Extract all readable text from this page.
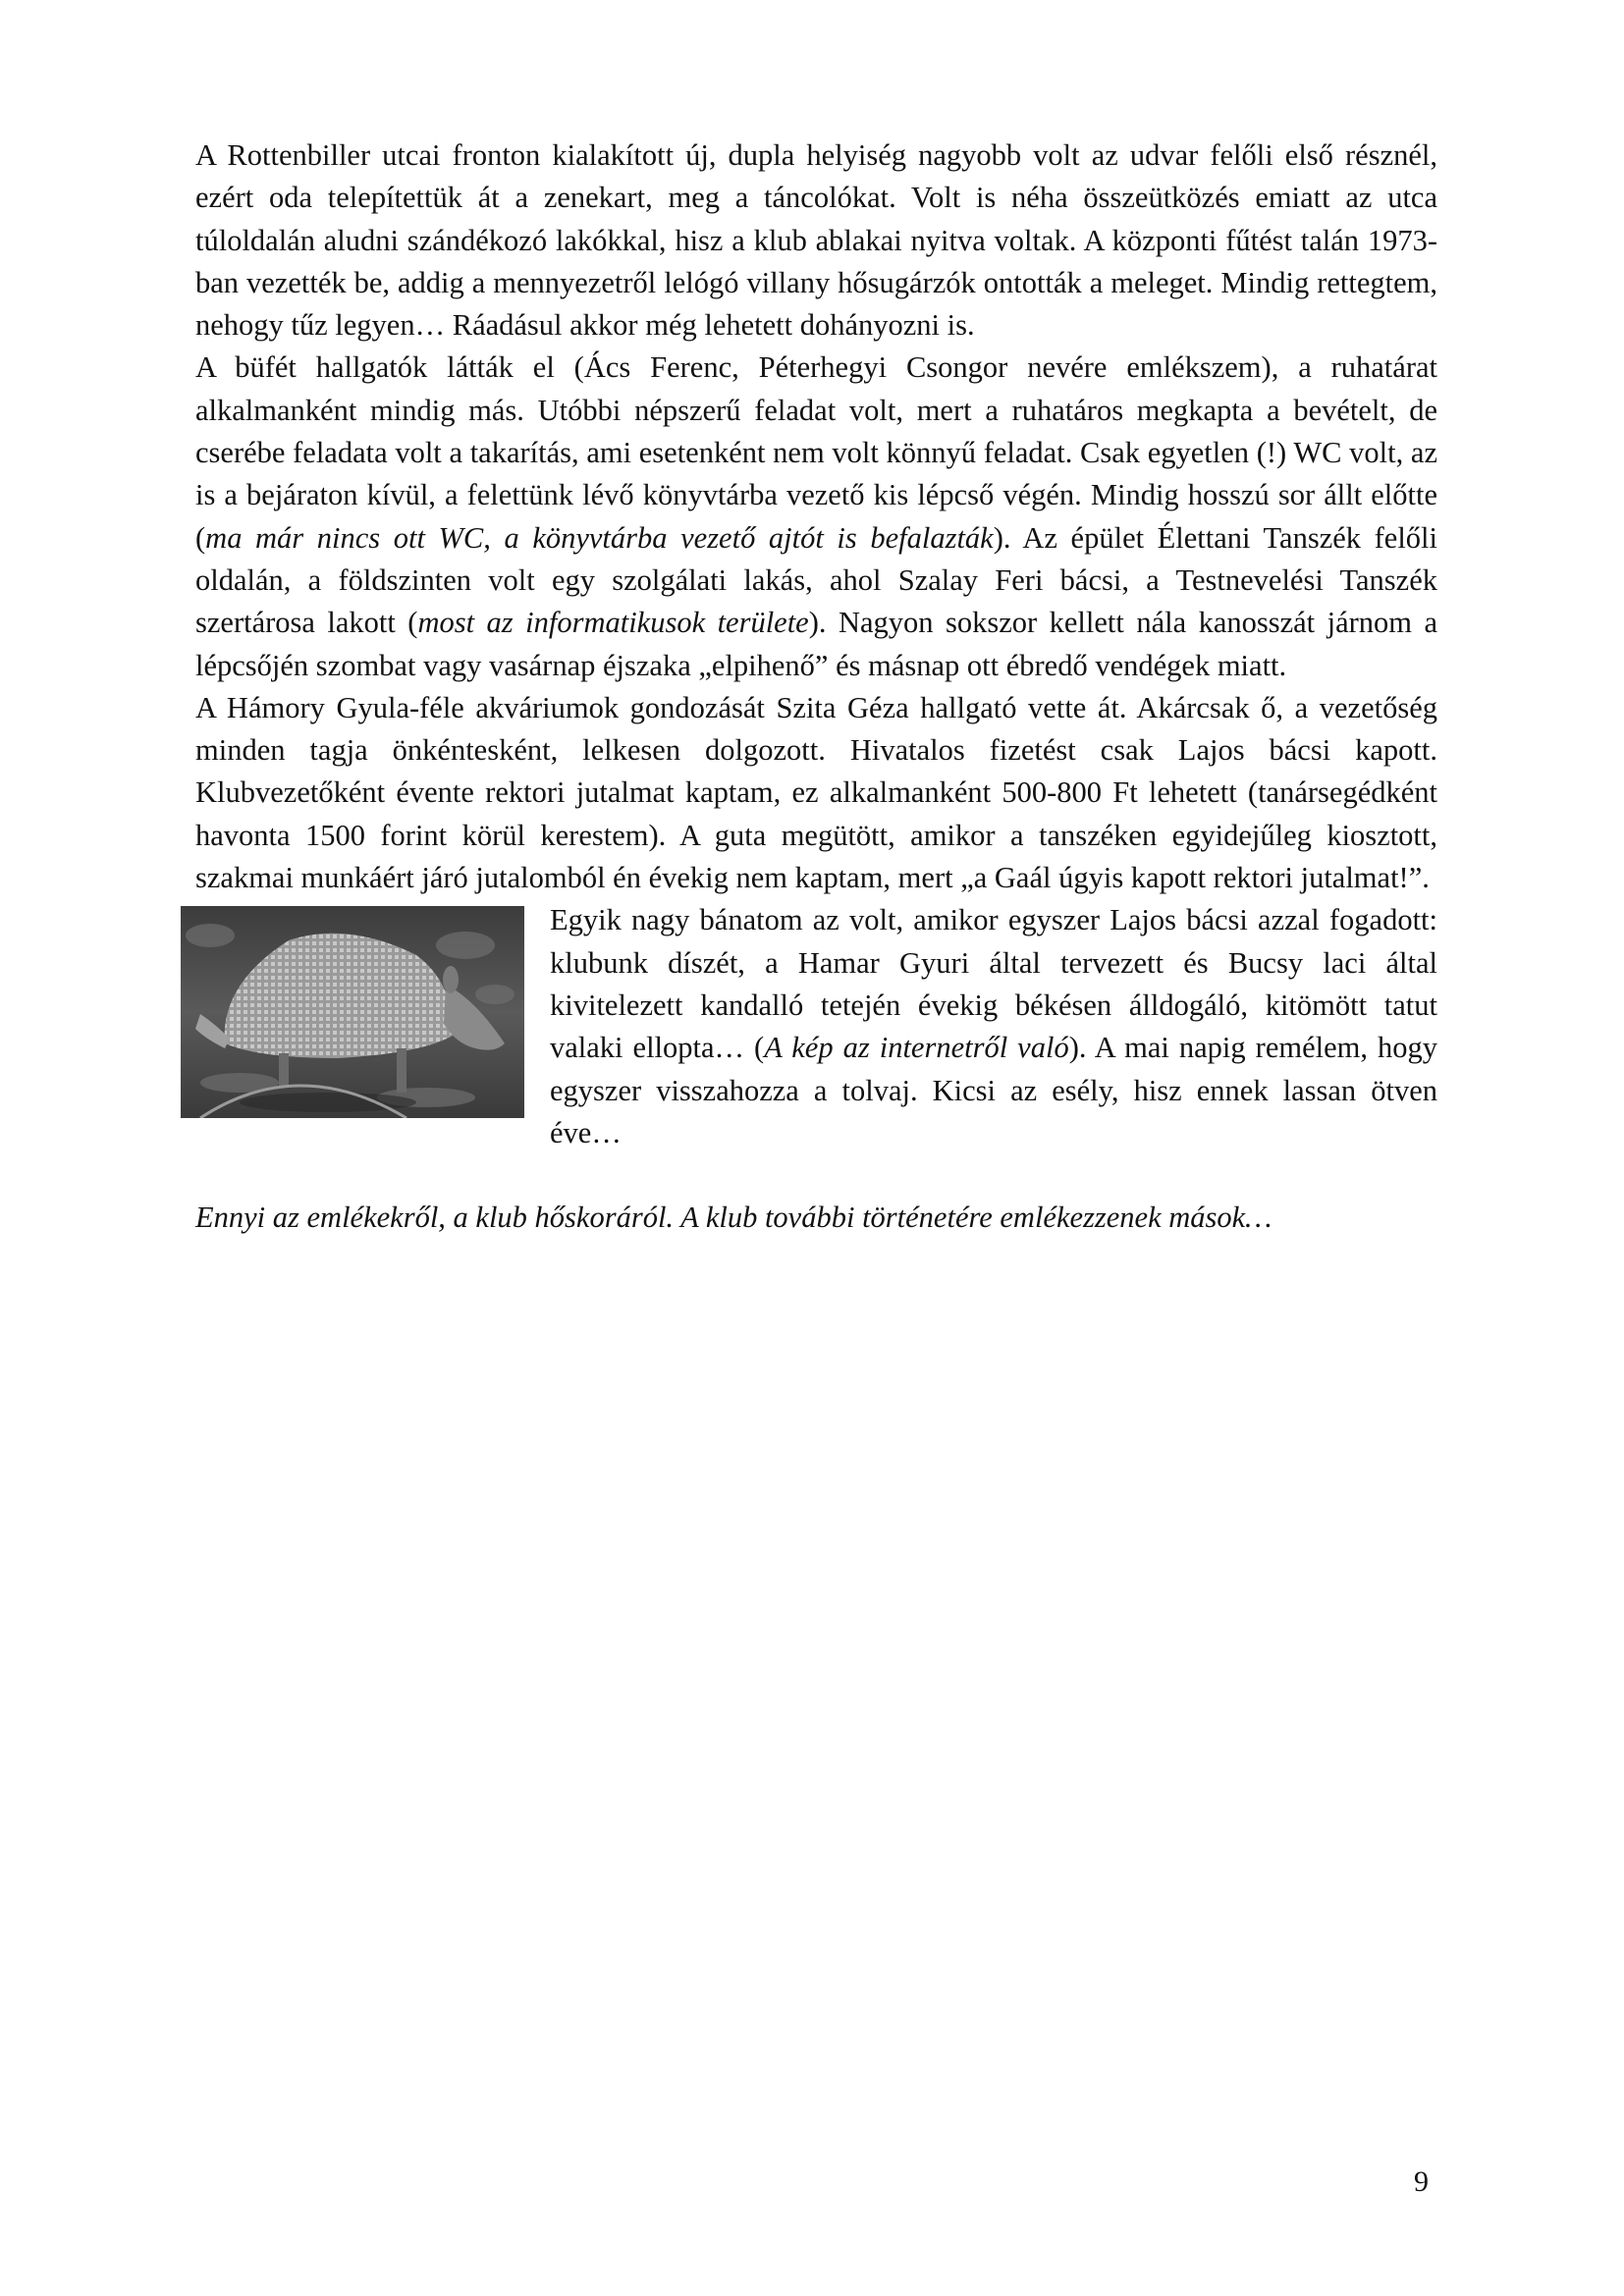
A Rottenbiller utcai fronton kialakított új, dupla helyiség nagyobb volt az udvar felőli első résznél, ezért oda telepítettük át a zenekart, meg a táncolókat. Volt is néha összeütközés emiatt az utca túloldalán aludni szándékozó lakókkal, hisz a klub ablakai nyitva voltak. A központi fűtést talán 1973-ban vezették be, addig a mennyezetről lelógó villany hősugárzók ontották a meleget. Mindig rettegtem, nehogy tűz legyen… Ráadásul akkor még lehetett dohányozni is.

A büfét hallgatók látták el (Ács Ferenc, Péterhegyi Csongor nevére emlékszem), a ruhatárat alkalmanként mindig más. Utóbbi népszerű feladat volt, mert a ruhatáros megkapta a bevételt, de cserébe feladata volt a takarítás, ami esetenként nem volt könnyű feladat. Csak egyetlen (!) WC volt, az is a bejáraton kívül, a felettünk lévő könyvtárba vezető kis lépcső végén. Mindig hosszú sor állt előtte (ma már nincs ott WC, a könyvtárba vezető ajtót is befalazták). Az épület Élettani Tanszék felőli oldalán, a földszinten volt egy szolgálati lakás, ahol Szalay Feri bácsi, a Testnevelési Tanszék szertárosa lakott (most az informatikusok területe). Nagyon sokszor kellett nála kanosszát járnom a lépcsőjén szombat vagy vasárnap éjszaka „elpihenő” és másnap ott ébredő vendégek miatt.

A Hámory Gyula-féle akváriumok gondozását Szita Géza hallgató vette át. Akárcsak ő, a vezetőség minden tagja önkéntesként, lelkesen dolgozott. Hivatalos fizetést csak Lajos bácsi kapott. Klubvezetőként évente rektori jutalmat kaptam, ez alkalmanként 500-800 Ft lehetett (tanársegédként havonta 1500 forint körül kerestem). A guta megütött, amikor a tanszéken egyidejűleg kiosztott, szakmai munkáért járó jutalomból én évekig nem kaptam, mert „a Gaál úgyis kapott rektori jutalmat!”.

Egyik nagy bánatom az volt, amikor egyszer Lajos bácsi azzal fogadott: klubunk díszét, a Hamar Gyuri által tervezett és Bucsy laci által kivitelezett kandalló tetején évekig békésen álldogáló, kitömött tatut valaki ellopta… (A kép az internetről való). A mai napig remélem, hogy egyszer visszahozza a tolvaj. Kicsi az esély, hisz ennek lassan ötven éve…

Ennyi az emlékekről, a klub hőskoráról. A klub további történetére emlékezzenek mások…

9
